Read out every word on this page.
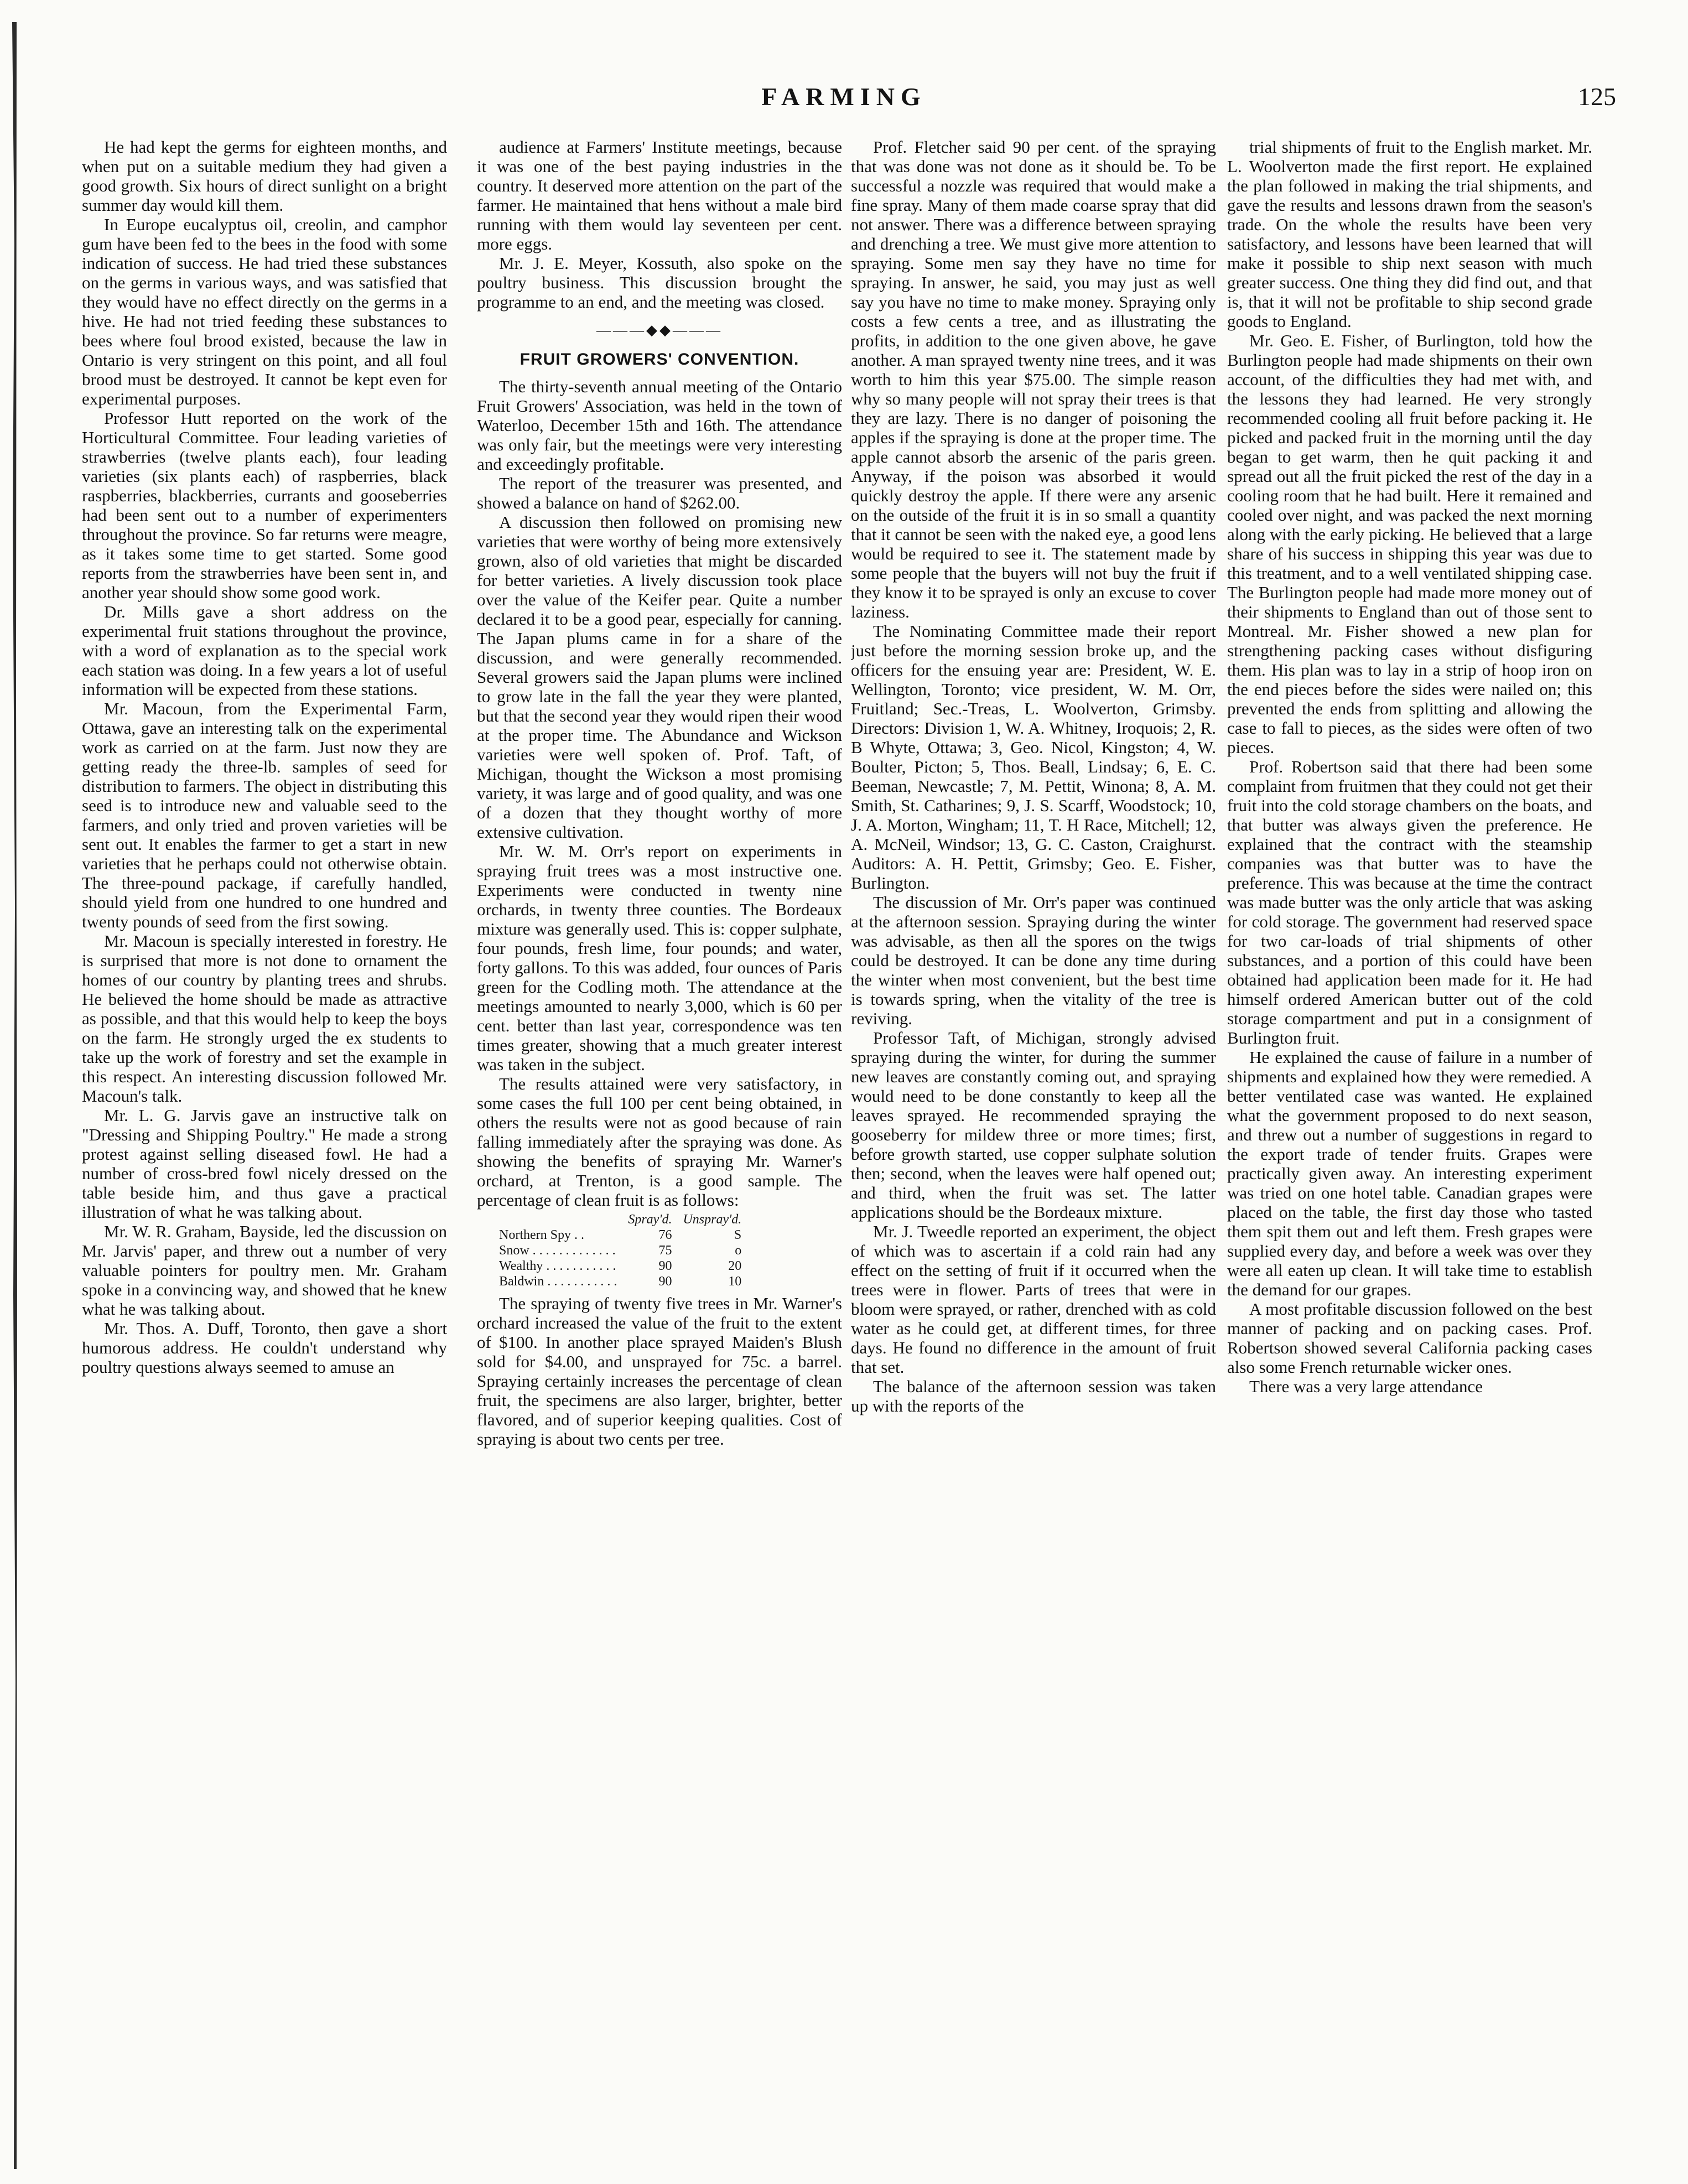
FARMING	125

He had kept the germs for eighteen months, and when put on a suitable medium they had given a good growth. Six hours of direct sunlight on a bright summer day would kill them.

In Europe eucalyptus oil, creolin, and camphor gum have been fed to the bees in the food with some indication of success. He had tried these substances on the germs in various ways, and was satisfied that they would have no effect directly on the germs in a hive. He had not tried feeding these substances to bees where foul brood existed, because the law in Ontario is very stringent on this point, and all foul brood must be destroyed. It cannot be kept even for experimental purposes.

Professor Hutt reported on the work of the Horticultural Committee. Four leading varieties of strawberries (twelve plants each), four leading varieties (six plants each) of raspberries, black raspberries, blackberries, currants and gooseberries had been sent out to a number of experimenters throughout the province. So far returns were meagre, as it takes some time to get started. Some good reports from the strawberries have been sent in, and another year should show some good work.

Dr. Mills gave a short address on the experimental fruit stations throughout the province, with a word of explanation as to the special work each station was doing. In a few years a lot of useful information will be expected from these stations.

Mr. Macoun, from the Experimental Farm, Ottawa, gave an interesting talk on the experimental work as carried on at the farm. Just now they are getting ready the three-lb. samples of seed for distribution to farmers. The object in distributing this seed is to introduce new and valuable seed to the farmers, and only tried and proven varieties will be sent out. It enables the farmer to get a start in new varieties that he perhaps could not otherwise obtain. The three-pound package, if carefully handled, should yield from one hundred to one hundred and twenty pounds of seed from the first sowing.

Mr. Macoun is specially interested in forestry. He is surprised that more is not done to ornament the homes of our country by planting trees and shrubs. He believed the home should be made as attractive as possible, and that this would help to keep the boys on the farm. He strongly urged the ex students to take up the work of forestry and set the example in this respect. An interesting discussion followed Mr. Macoun's talk.

Mr. L. G. Jarvis gave an instructive talk on "Dressing and Shipping Poultry." He made a strong protest against selling diseased fowl. He had a number of cross-bred fowl nicely dressed on the table beside him, and thus gave a practical illustration of what he was talking about.

Mr. W. R. Graham, Bayside, led the discussion on Mr. Jarvis' paper, and threw out a number of very valuable pointers for poultry men. Mr. Graham spoke in a convincing way, and showed that he knew what he was talking about.

Mr. Thos. A. Duff, Toronto, then gave a short humorous address. He couldn't understand why poultry questions always seemed to amuse an

audience at Farmers' Institute meetings, because it was one of the best paying industries in the country. It deserved more attention on the part of the farmer. He maintained that hens without a male bird running with them would lay seventeen per cent. more eggs.

Mr. J. E. Meyer, Kossuth, also spoke on the poultry business. This discussion brought the programme to an end, and the meeting was closed.

———◆◆———
FRUIT GROWERS' CONVENTION.

The thirty-seventh annual meeting of the Ontario Fruit Growers' Association, was held in the town of Waterloo, December 15th and 16th. The attendance was only fair, but the meetings were very interesting and exceedingly profitable.

The report of the treasurer was presented, and showed a balance on hand of $262.00.

A discussion then followed on promising new varieties that were worthy of being more extensively grown, also of old varieties that might be discarded for better varieties. A lively discussion took place over the value of the Keifer pear. Quite a number declared it to be a good pear, especially for canning. The Japan plums came in for a share of the discussion, and were generally recommended. Several growers said the Japan plums were inclined to grow late in the fall the year they were planted, but that the second year they would ripen their wood at the proper time. The Abundance and Wickson varieties were well spoken of. Prof. Taft, of Michigan, thought the Wickson a most promising variety, it was large and of good quality, and was one of a dozen that they thought worthy of more extensive cultivation.

Mr. W. M. Orr's report on experiments in spraying fruit trees was a most instructive one. Experiments were conducted in twenty nine orchards, in twenty three counties. The Bordeaux mixture was generally used. This is: copper sulphate, four pounds, fresh lime, four pounds; and water, forty gallons. To this was added, four ounces of Paris green for the Codling moth. The attendance at the meetings amounted to nearly 3,000, which is 60 per cent. better than last year, correspondence was ten times greater, showing that a much greater interest was taken in the subject.

The results attained were very satisfactory, in some cases the full 100 per cent being obtained, in others the results were not as good because of rain falling immediately after the spraying was done. As showing the benefits of spraying Mr. Warner's orchard, at Trenton, is a good sample. The percentage of clean fruit is as follows:

	Spray'd.	Unspray'd.
Northern Spy . .	76	S
Snow . . . . . . . . . . . . .	75	o
Wealthy . . . . . . . . . . .	90	20
Baldwin . . . . . . . . . . .	90	10

The spraying of twenty five trees in Mr. Warner's orchard increased the value of the fruit to the extent of $100. In another place sprayed Maiden's Blush sold for $4.00, and unsprayed for 75c. a barrel. Spraying certainly increases the percentage of clean fruit, the specimens are also larger, brighter, better flavored, and of superior keeping qualities. Cost of spraying is about two cents per tree.

Prof. Fletcher said 90 per cent. of the spraying that was done was not done as it should be. To be successful a nozzle was required that would make a fine spray. Many of them made coarse spray that did not answer. There was a difference between spraying and drenching a tree. We must give more attention to spraying. Some men say they have no time for spraying. In answer, he said, you may just as well say you have no time to make money. Spraying only costs a few cents a tree, and as illustrating the profits, in addition to the one given above, he gave another. A man sprayed twenty nine trees, and it was worth to him this year $75.00. The simple reason why so many people will not spray their trees is that they are lazy. There is no danger of poisoning the apples if the spraying is done at the proper time. The apple cannot absorb the arsenic of the paris green. Anyway, if the poison was absorbed it would quickly destroy the apple. If there were any arsenic on the outside of the fruit it is in so small a quantity that it cannot be seen with the naked eye, a good lens would be required to see it. The statement made by some people that the buyers will not buy the fruit if they know it to be sprayed is only an excuse to cover laziness.

The Nominating Committee made their report just before the morning session broke up, and the officers for the ensuing year are: President, W. E. Wellington, Toronto; vice president, W. M. Orr, Fruitland; Sec.-Treas, L. Woolverton, Grimsby. Directors: Division 1, W. A. Whitney, Iroquois; 2, R. B Whyte, Ottawa; 3, Geo. Nicol, Kingston; 4, W. Boulter, Picton; 5, Thos. Beall, Lindsay; 6, E. C. Beeman, Newcastle; 7, M. Pettit, Winona; 8, A. M. Smith, St. Catharines; 9, J. S. Scarff, Woodstock; 10, J. A. Morton, Wingham; 11, T. H Race, Mitchell; 12, A. McNeil, Windsor; 13, G. C. Caston, Craighurst. Auditors: A. H. Pettit, Grimsby; Geo. E. Fisher, Burlington.

The discussion of Mr. Orr's paper was continued at the afternoon session. Spraying during the winter was advisable, as then all the spores on the twigs could be destroyed. It can be done any time during the winter when most convenient, but the best time is towards spring, when the vitality of the tree is reviving.

Professor Taft, of Michigan, strongly advised spraying during the winter, for during the summer new leaves are constantly coming out, and spraying would need to be done constantly to keep all the leaves sprayed. He recommended spraying the gooseberry for mildew three or more times; first, before growth started, use copper sulphate solution then; second, when the leaves were half opened out; and third, when the fruit was set. The latter applications should be the Bordeaux mixture.

Mr. J. Tweedle reported an experiment, the object of which was to ascertain if a cold rain had any effect on the setting of fruit if it occurred when the trees were in flower. Parts of trees that were in bloom were sprayed, or rather, drenched with as cold water as he could get, at different times, for three days. He found no difference in the amount of fruit that set.

The balance of the afternoon session was taken up with the reports of the

trial shipments of fruit to the English market. Mr. L. Woolverton made the first report. He explained the plan followed in making the trial shipments, and gave the results and lessons drawn from the season's trade. On the whole the results have been very satisfactory, and lessons have been learned that will make it possible to ship next season with much greater success. One thing they did find out, and that is, that it will not be profitable to ship second grade goods to England.

Mr. Geo. E. Fisher, of Burlington, told how the Burlington people had made shipments on their own account, of the difficulties they had met with, and the lessons they had learned. He very strongly recommended cooling all fruit before packing it. He picked and packed fruit in the morning until the day began to get warm, then he quit packing it and spread out all the fruit picked the rest of the day in a cooling room that he had built. Here it remained and cooled over night, and was packed the next morning along with the early picking. He believed that a large share of his success in shipping this year was due to this treatment, and to a well ventilated shipping case. The Burlington people had made more money out of their shipments to England than out of those sent to Montreal. Mr. Fisher showed a new plan for strengthening packing cases without disfiguring them. His plan was to lay in a strip of hoop iron on the end pieces before the sides were nailed on; this prevented the ends from splitting and allowing the case to fall to pieces, as the sides were often of two pieces.

Prof. Robertson said that there had been some complaint from fruitmen that they could not get their fruit into the cold storage chambers on the boats, and that butter was always given the preference. He explained that the contract with the steamship companies was that butter was to have the preference. This was because at the time the contract was made butter was the only article that was asking for cold storage. The government had reserved space for two car-loads of trial shipments of other substances, and a portion of this could have been obtained had application been made for it. He had himself ordered American butter out of the cold storage compartment and put in a consignment of Burlington fruit.

He explained the cause of failure in a number of shipments and explained how they were remedied. A better ventilated case was wanted. He explained what the government proposed to do next season, and threw out a number of suggestions in regard to the export trade of tender fruits. Grapes were practically given away. An interesting experiment was tried on one hotel table. Canadian grapes were placed on the table, the first day those who tasted them spit them out and left them. Fresh grapes were supplied every day, and before a week was over they were all eaten up clean. It will take time to establish the demand for our grapes.

A most profitable discussion followed on the best manner of packing and on packing cases. Prof. Robertson showed several California packing cases also some French returnable wicker ones.

There was a very large attendance
